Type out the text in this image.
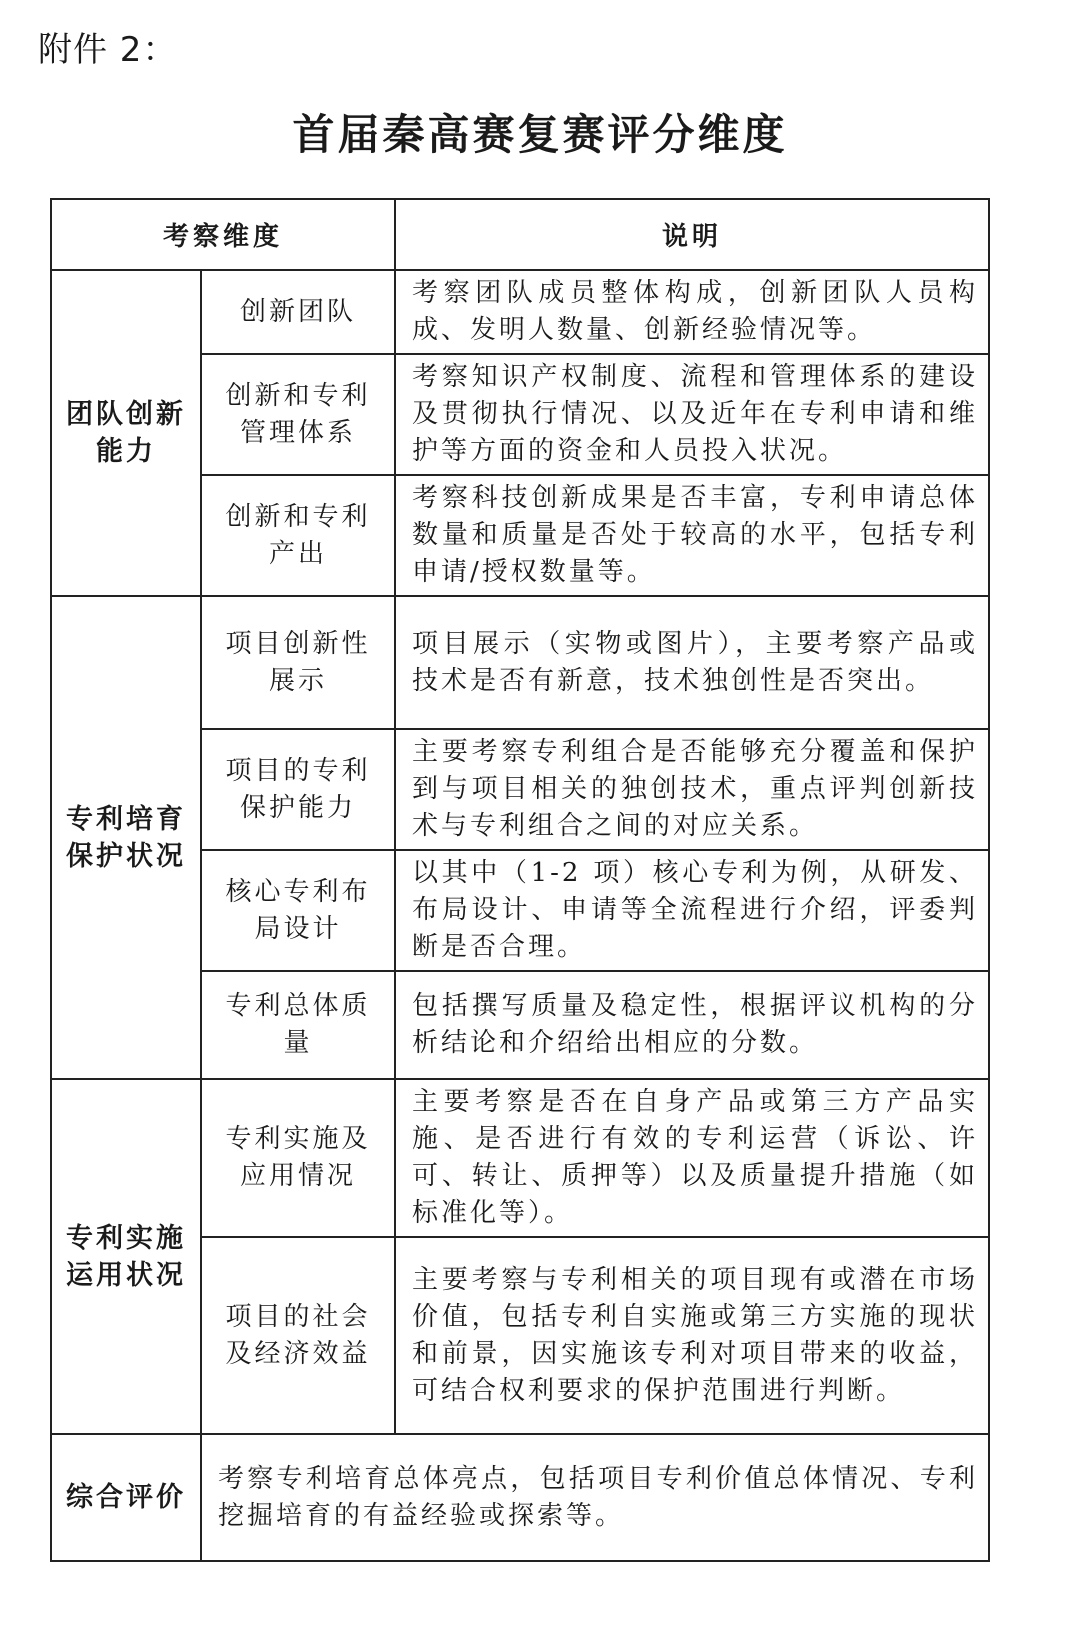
附件 2：
首届秦高赛复赛评分维度
考察维度		说明
团队创新能力	创新团队	考察团队成员整体构成，创新团队人员构成、发明人数量、创新经验情况等。
	创新和专利管理体系	考察知识产权制度、流程和管理体系的建设及贯彻执行情况、以及近年在专利申请和维护等方面的资金和人员投入状况。
	创新和专利产出	考察科技创新成果是否丰富，专利申请总体数量和质量是否处于较高的水平，包括专利申请/授权数量等。
专利培育保护状况	项目创新性展示	项目展示（实物或图片），主要考察产品或技术是否有新意，技术独创性是否突出。
	项目的专利保护能力	主要考察专利组合是否能够充分覆盖和保护到与项目相关的独创技术，重点评判创新技术与专利组合之间的对应关系。
	核心专利布局设计	以其中（1-2 项）核心专利为例，从研发、布局设计、申请等全流程进行介绍，评委判断是否合理。
	专利总体质量	包括撰写质量及稳定性，根据评议机构的分析结论和介绍给出相应的分数。
专利实施运用状况	专利实施及应用情况	主要考察是否在自身产品或第三方产品实施、是否进行有效的专利运营（诉讼、许可、转让、质押等）以及质量提升措施（如标准化等）。
	项目的社会及经济效益	主要考察与专利相关的项目现有或潜在市场价值，包括专利自实施或第三方实施的现状和前景，因实施该专利对项目带来的收益，可结合权利要求的保护范围进行判断。
综合评价	考察专利培育总体亮点，包括项目专利价值总体情况、专利挖掘培育的有益经验或探索等。	
